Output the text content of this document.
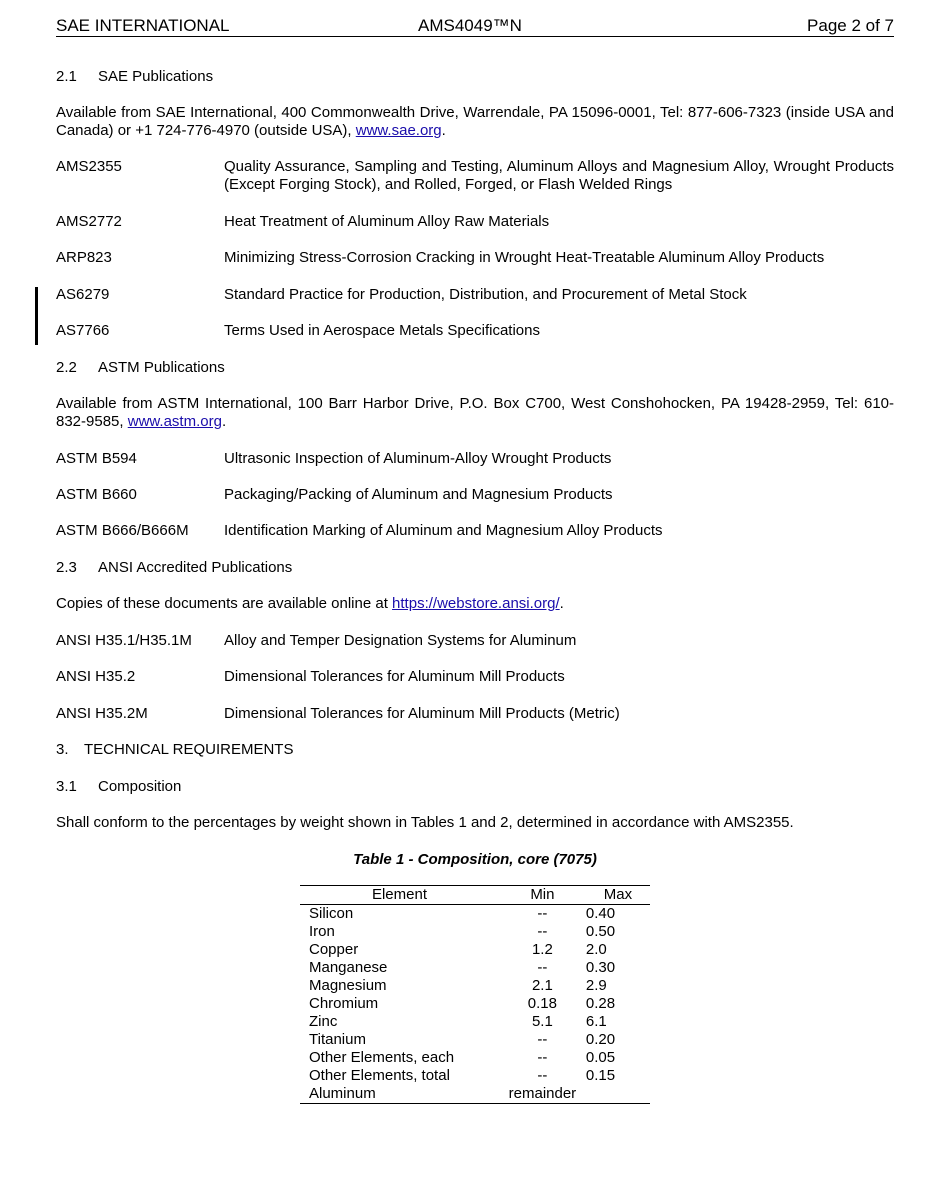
SAE INTERNATIONAL	AMS4049™N	Page 2 of 7
2.1 SAE Publications
Available from SAE International, 400 Commonwealth Drive, Warrendale, PA 15096-0001, Tel: 877-606-7323 (inside USA and Canada) or +1 724-776-4970 (outside USA), www.sae.org.
AMS2355	Quality Assurance, Sampling and Testing, Aluminum Alloys and Magnesium Alloy, Wrought Products (Except Forging Stock), and Rolled, Forged, or Flash Welded Rings
AMS2772	Heat Treatment of Aluminum Alloy Raw Materials
ARP823	Minimizing Stress-Corrosion Cracking in Wrought Heat-Treatable Aluminum Alloy Products
AS6279	Standard Practice for Production, Distribution, and Procurement of Metal Stock
AS7766	Terms Used in Aerospace Metals Specifications
2.2 ASTM Publications
Available from ASTM International, 100 Barr Harbor Drive, P.O. Box C700, West Conshohocken, PA 19428-2959, Tel: 610-832-9585, www.astm.org.
ASTM B594	Ultrasonic Inspection of Aluminum-Alloy Wrought Products
ASTM B660	Packaging/Packing of Aluminum and Magnesium Products
ASTM B666/B666M Identification Marking of Aluminum and Magnesium Alloy Products
2.3 ANSI Accredited Publications
Copies of these documents are available online at https://webstore.ansi.org/.
ANSI H35.1/H35.1M Alloy and Temper Designation Systems for Aluminum
ANSI H35.2	Dimensional Tolerances for Aluminum Mill Products
ANSI H35.2M	Dimensional Tolerances for Aluminum Mill Products (Metric)
3. TECHNICAL REQUIREMENTS
3.1 Composition
Shall conform to the percentages by weight shown in Tables 1 and 2, determined in accordance with AMS2355.
Table 1 - Composition, core (7075)
Element	Min	Max
Silicon	--	0.40
Iron	--	0.50
Copper	1.2	2.0
Manganese	--	0.30
Magnesium	2.1	2.9
Chromium	0.18	0.28
Zinc	5.1	6.1
Titanium	--	0.20
Other Elements, each	--	0.05
Other Elements, total	--	0.15
Aluminum	remainder	
